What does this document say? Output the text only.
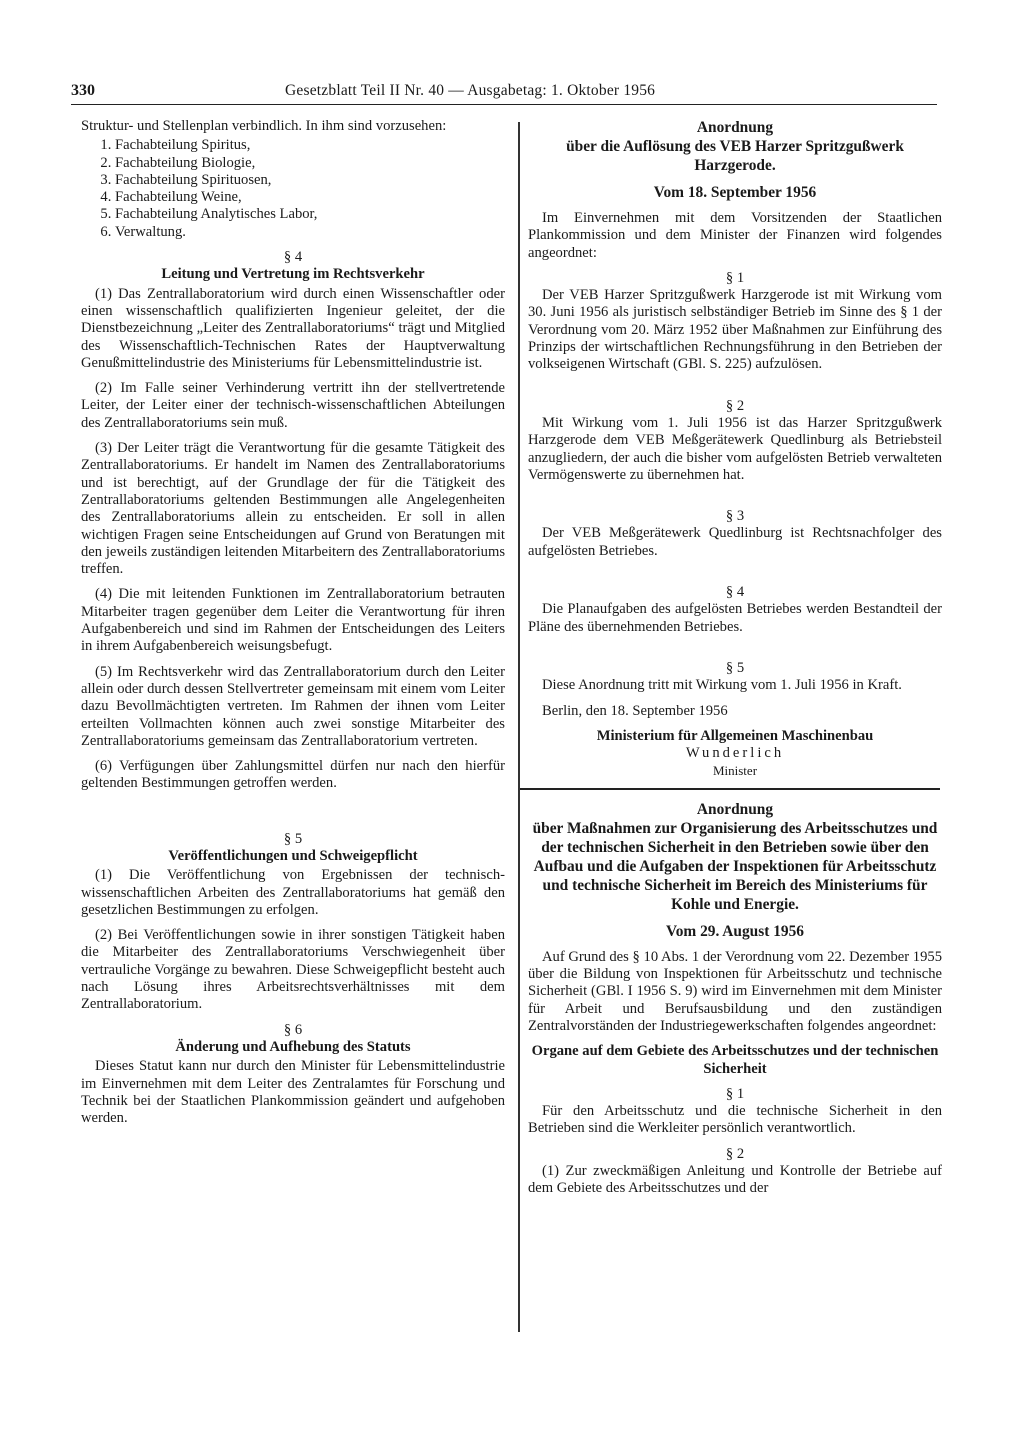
330	Gesetzblatt Teil II Nr. 40 — Ausgabetag: 1. Oktober 1956

Struktur- und Stellenplan verbindlich. In ihm sind vorzusehen:

1. Fachabteilung Spiritus,
2. Fachabteilung Biologie,
3. Fachabteilung Spirituosen,
4. Fachabteilung Weine,
5. Fachabteilung Analytisches Labor,
6. Verwaltung.
§ 4
Leitung und Vertretung im Rechtsverkehr

(1) Das Zentrallaboratorium wird durch einen Wissenschaftler oder einen wissenschaftlich qualifizierten Ingenieur geleitet, der die Dienstbezeichnung „Leiter des Zentrallaboratoriums“ trägt und Mitglied des Wissenschaftlich-Technischen Rates der Hauptverwaltung Genußmittelindustrie des Ministeriums für Lebensmittelindustrie ist.

(2) Im Falle seiner Verhinderung vertritt ihn der stellvertretende Leiter, der Leiter einer der technisch-wissenschaftlichen Abteilungen des Zentrallaboratoriums sein muß.

(3) Der Leiter trägt die Verantwortung für die gesamte Tätigkeit des Zentrallaboratoriums. Er handelt im Namen des Zentrallaboratoriums und ist berechtigt, auf der Grundlage der für die Tätigkeit des Zentrallaboratoriums geltenden Bestimmungen alle Angelegenheiten des Zentrallaboratoriums allein zu entscheiden. Er soll in allen wichtigen Fragen seine Entscheidungen auf Grund von Beratungen mit den jeweils zuständigen leitenden Mitarbeitern des Zentrallaboratoriums treffen.

(4) Die mit leitenden Funktionen im Zentrallaboratorium betrauten Mitarbeiter tragen gegenüber dem Leiter die Verantwortung für ihren Aufgabenbereich und sind im Rahmen der Entscheidungen des Leiters in ihrem Aufgabenbereich weisungsbefugt.

(5) Im Rechtsverkehr wird das Zentrallaboratorium durch den Leiter allein oder durch dessen Stellvertreter gemeinsam mit einem vom Leiter dazu Bevollmächtigten vertreten. Im Rahmen der ihnen vom Leiter erteilten Vollmachten können auch zwei sonstige Mitarbeiter des Zentrallaboratoriums gemeinsam das Zentrallaboratorium vertreten.

(6) Verfügungen über Zahlungsmittel dürfen nur nach den hierfür geltenden Bestimmungen getroffen werden.

§ 5
Veröffentlichungen und Schweigepflicht

(1) Die Veröffentlichung von Ergebnissen der technisch-wissenschaftlichen Arbeiten des Zentrallaboratoriums hat gemäß den gesetzlichen Bestimmungen zu erfolgen.

(2) Bei Veröffentlichungen sowie in ihrer sonstigen Tätigkeit haben die Mitarbeiter des Zentrallaboratoriums Verschwiegenheit über vertrauliche Vorgänge zu bewahren. Diese Schweigepflicht besteht auch nach Lösung ihres Arbeitsrechtsverhältnisses mit dem Zentrallaboratorium.

§ 6
Änderung und Aufhebung des Statuts

Dieses Statut kann nur durch den Minister für Lebensmittelindustrie im Einvernehmen mit dem Leiter des Zentralamtes für Forschung und Technik bei der Staatlichen Plankommission geändert und aufgehoben werden.

Anordnung
über die Auflösung des VEB Harzer Spritzgußwerk Harzgerode.
Vom 18. September 1956

Im Einvernehmen mit dem Vorsitzenden der Staatlichen Plankommission und dem Minister der Finanzen wird folgendes angeordnet:

§ 1

Der VEB Harzer Spritzgußwerk Harzgerode ist mit Wirkung vom 30. Juni 1956 als juristisch selbständiger Betrieb im Sinne des § 1 der Verordnung vom 20. März 1952 über Maßnahmen zur Einführung des Prinzips der wirtschaftlichen Rechnungsführung in den Betrieben der volkseigenen Wirtschaft (GBl. S. 225) aufzulösen.

§ 2

Mit Wirkung vom 1. Juli 1956 ist das Harzer Spritzgußwerk Harzgerode dem VEB Meßgerätewerk Quedlinburg als Betriebsteil anzugliedern, der auch die bisher vom aufgelösten Betrieb verwalteten Vermögenswerte zu übernehmen hat.

§ 3

Der VEB Meßgerätewerk Quedlinburg ist Rechtsnachfolger des aufgelösten Betriebes.

§ 4

Die Planaufgaben des aufgelösten Betriebes werden Bestandteil der Pläne des übernehmenden Betriebes.

§ 5

Diese Anordnung tritt mit Wirkung vom 1. Juli 1956 in Kraft.

Berlin, den 18. September 1956

Ministerium für Allgemeinen Maschinenbau
Wunderlich
Minister
Anordnung
über Maßnahmen zur Organisierung des Arbeitsschutzes und der technischen Sicherheit in den Betrieben sowie über den Aufbau und die Aufgaben der Inspektionen für Arbeitsschutz und technische Sicherheit im Bereich des Ministeriums für Kohle und Energie.
Vom 29. August 1956

Auf Grund des § 10 Abs. 1 der Verordnung vom 22. Dezember 1955 über die Bildung von Inspektionen für Arbeitsschutz und technische Sicherheit (GBl. I 1956 S. 9) wird im Einvernehmen mit dem Minister für Arbeit und Berufsausbildung und den zuständigen Zentralvorständen der Industriegewerkschaften folgendes angeordnet:

Organe auf dem Gebiete des Arbeitsschutzes und der technischen Sicherheit
§ 1

Für den Arbeitsschutz und die technische Sicherheit in den Betrieben sind die Werkleiter persönlich verantwortlich.

§ 2

(1) Zur zweckmäßigen Anleitung und Kontrolle der Betriebe auf dem Gebiete des Arbeitsschutzes und der
